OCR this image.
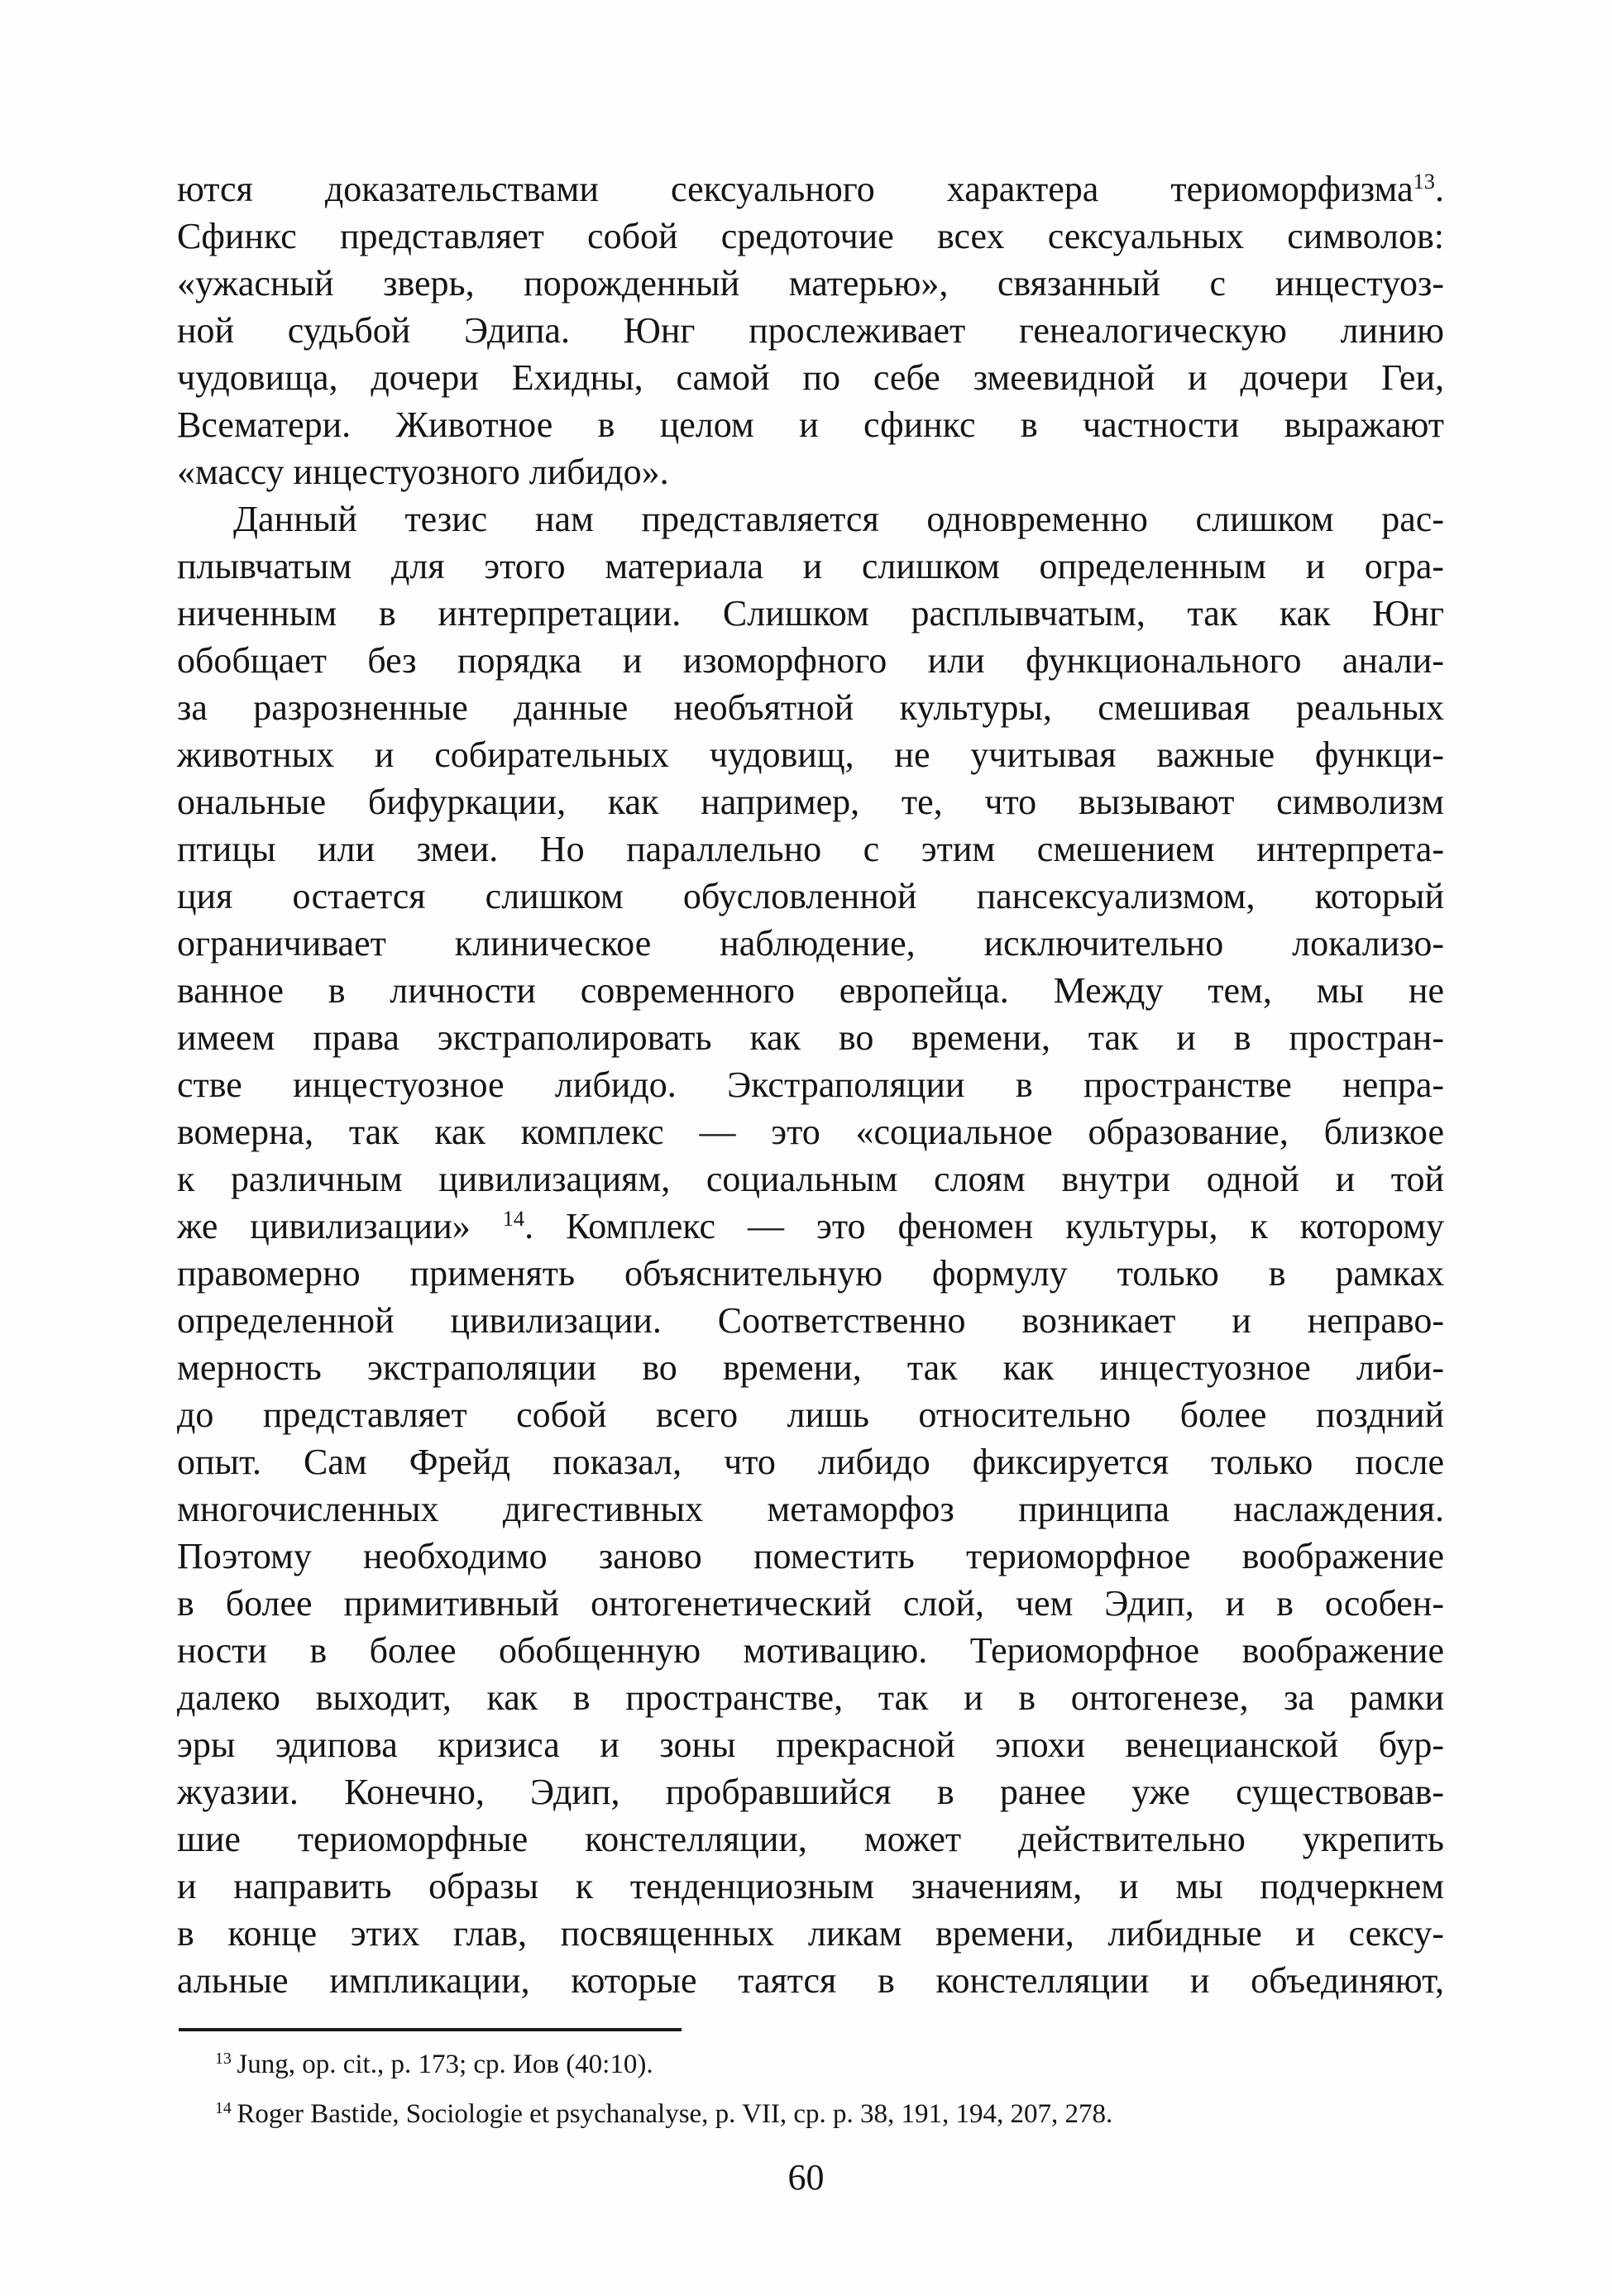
ются доказательствами сексуального характера териоморфизма$^{13}$.
Сфинкс представляет собой средоточие всех сексуальных символов:
«ужасный зверь, порожденный матерью», связанный с инцестуоз-
ной судьбой Эдипа. Юнг прослеживает генеалогическую линию
чудовища, дочери Ехидны, самой по себе змеевидной и дочери Геи,
Всематери. Животное в целом и сфинкс в частности выражают
«массу инцестуозного либидо».
Данный тезис нам представляется одновременно слишком рас-
плывчатым для этого материала и слишком определенным и огра-
ниченным в интерпретации. Слишком расплывчатым, так как Юнг
обобщает без порядка и изоморфного или функционального анали-
за разрозненные данные необъятной культуры, смешивая реальных
животных и собирательных чудовищ, не учитывая важные функци-
ональные бифуркации, как например, те, что вызывают символизм
птицы или змеи. Но параллельно с этим смешением интерпрета-
ция остается слишком обусловленной пансексуализмом, который
ограничивает клиническое наблюдение, исключительно локализо-
ванное в личности современного европейца. Между тем, мы не
имеем права экстраполировать как во времени, так и в простран-
стве инцестуозное либидо. Экстраполяции в пространстве непра-
вомерна, так как комплекс — это «социальное образование, близкое
к различным цивилизациям, социальным слоям внутри одной и той
же цивилизации» $^{14}$. Комплекс — это феномен культуры, к которому
правомерно применять объяснительную формулу только в рамках
определенной цивилизации. Соответственно возникает и неправо-
мерность экстраполяции во времени, так как инцестуозное либи-
до представляет собой всего лишь относительно более поздний
опыт. Сам Фрейд показал, что либидо фиксируется только после
многочисленных дигестивных метаморфоз принципа наслаждения.
Поэтому необходимо заново поместить териоморфное воображение
в более примитивный онтогенетический слой, чем Эдип, и в особен-
ности в более обобщенную мотивацию. Териоморфное воображение
далеко выходит, как в пространстве, так и в онтогенезе, за рамки
эры эдипова кризиса и зоны прекрасной эпохи венецианской бур-
жуазии. Конечно, Эдип, пробравшийся в ранее уже существовав-
шие териоморфные констелляции, может действительно укрепить
и направить образы к тенденциозным значениям, и мы подчеркнем
в конце этих глав, посвященных ликам времени, либидные и сексу-
альные импликации, которые таятся в констелляции и объединяют,
$^{13}$ Jung, op. cit., p. 173; ср. Иов (40:10).
$^{14}$ Roger Bastide, Sociologie et psychanalyse, p. VII, ср. p. 38, 191, 194, 207, 278.
60
